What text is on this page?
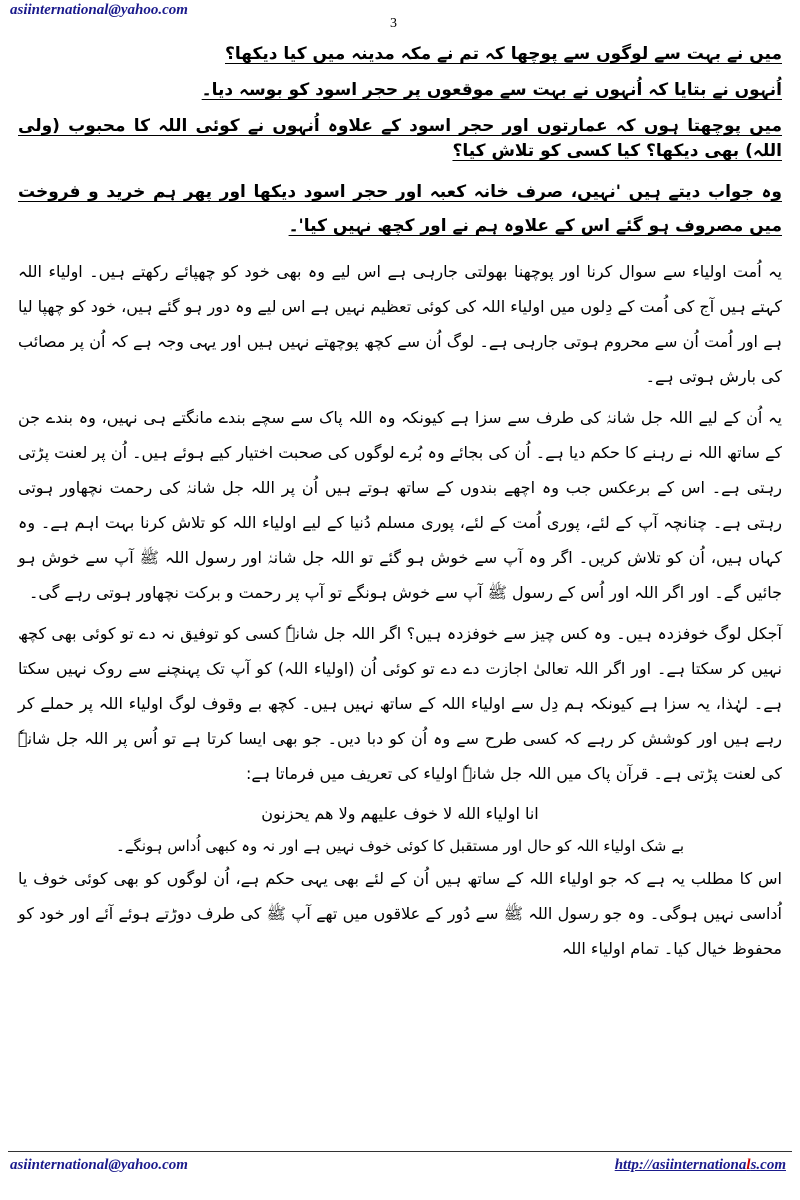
asiinternational@yahoo.com
3

میں نے بہت سے لوگوں سے پوچھا کہ تم نے مکہ مدینہ میں کیا دیکھا؟

اُنہوں نے بتایا کہ اُنہوں نے بہت سے موقعوں پر حجر اسود کو بوسہ دیا۔

میں پوچھتا ہوں کہ عمارتوں اور حجر اسود کے علاوہ اُنہوں نے کوئی اللہ کا محبوب (ولی اللہ) بھی دیکھا؟ کیا کسی کو تلاش کیا؟

وہ جواب دیتے ہیں 'نہیں، صرف خانہ کعبہ اور حجر اسود دیکھا اور پھر ہم خرید و فروخت میں مصروف ہو گئے اس کے علاوہ ہم نے اور کچھ نہیں کیا'۔

یہ اُمت اولیاء سے سوال کرنا اور پوچھنا بھولتی جارہی ہے اس لیے وہ بھی خود کو چھپائے رکھتے ہیں۔ اولیاء اللہ کہتے ہیں آج کی اُمت کے دِلوں میں اولیاء اللہ کی کوئی تعظیم نہیں ہے اس لیے وہ دور ہو گئے ہیں، خود کو چھپا لیا ہے اور اُمت اُن سے محروم ہوتی جارہی ہے۔ لوگ اُن سے کچھ پوچھتے نہیں ہیں اور یہی وجہ ہے کہ اُن پر مصائب کی بارش ہوتی ہے۔

یہ اُن کے لیے اللہ جل شانہٗ کی طرف سے سزا ہے کیونکہ وہ اللہ پاک سے سچے بندے مانگتے ہی نہیں، وہ بندے جن کے ساتھ اللہ نے رہنے کا حکم دیا ہے۔ اُن کی بجائے وہ بُرے لوگوں کی صحبت اختیار کیے ہوئے ہیں۔ اُن پر لعنت پڑتی رہتی ہے۔ اس کے برعکس جب وہ اچھے بندوں کے ساتھ ہوتے ہیں اُن پر اللہ جل شانہٗ کی رحمت نچھاور ہوتی رہتی ہے۔ چنانچہ آپ کے لئے، پوری اُمت کے لئے، پوری مسلم دُنیا کے لیے اولیاء اللہ کو تلاش کرنا بہت اہم ہے۔ وہ کہاں ہیں، اُن کو تلاش کریں۔ اگر وہ آپ سے خوش ہو گئے تو اللہ جل شانہٗ اور رسول اللہ ﷺ آپ سے خوش ہو جائیں گے۔ اور اگر اللہ اور اُس کے رسول ﷺ آپ سے خوش ہونگے تو آپ پر رحمت و برکت نچھاور ہوتی رہے گی۔

آجکل لوگ خوفزدہ ہیں۔ وہ کس چیز سے خوفزدہ ہیں؟ اگر اللہ جل شانہٗ کسی کو توفیق نہ دے تو کوئی بھی کچھ نہیں کر سکتا ہے۔ اور اگر اللہ تعالیٰ اجازت دے دے تو کوئی اُن (اولیاء اللہ) کو آپ تک پہنچنے سے روک نہیں سکتا ہے۔ لہٰذا، یہ سزا ہے کیونکہ ہم دِل سے اولیاء اللہ کے ساتھ نہیں ہیں۔ کچھ بے وقوف لوگ اولیاء اللہ پر حملے کر رہے ہیں اور کوشش کر رہے کہ کسی طرح سے وہ اُن کو دبا دیں۔ جو بھی ایسا کرتا ہے تو اُس پر اللہ جل شانہٗ کی لعنت پڑتی ہے۔ قرآن پاک میں اللہ جل شانہٗ اولیاء کی تعریف میں فرماتا ہے:

انا اولياء الله لا خوف عليهم ولا هم يحزنون

بے شک اولیاء اللہ کو حال اور مستقبل کا کوئی خوف نہیں ہے اور نہ وہ کبھی اُداس ہونگے۔

اس کا مطلب یہ ہے کہ جو اولیاء اللہ کے ساتھ ہیں اُن کے لئے بھی یہی حکم ہے، اُن لوگوں کو بھی کوئی خوف یا اُداسی نہیں ہوگی۔ وہ جو رسول اللہ ﷺ سے دُور کے علاقوں میں تھے آپ ﷺ کی طرف دوڑتے ہوئے آئے اور خود کو محفوظ خیال کیا۔ تمام اولیاء اللہ

asiinternational@yahoo.com	http://asiinternationals.com
